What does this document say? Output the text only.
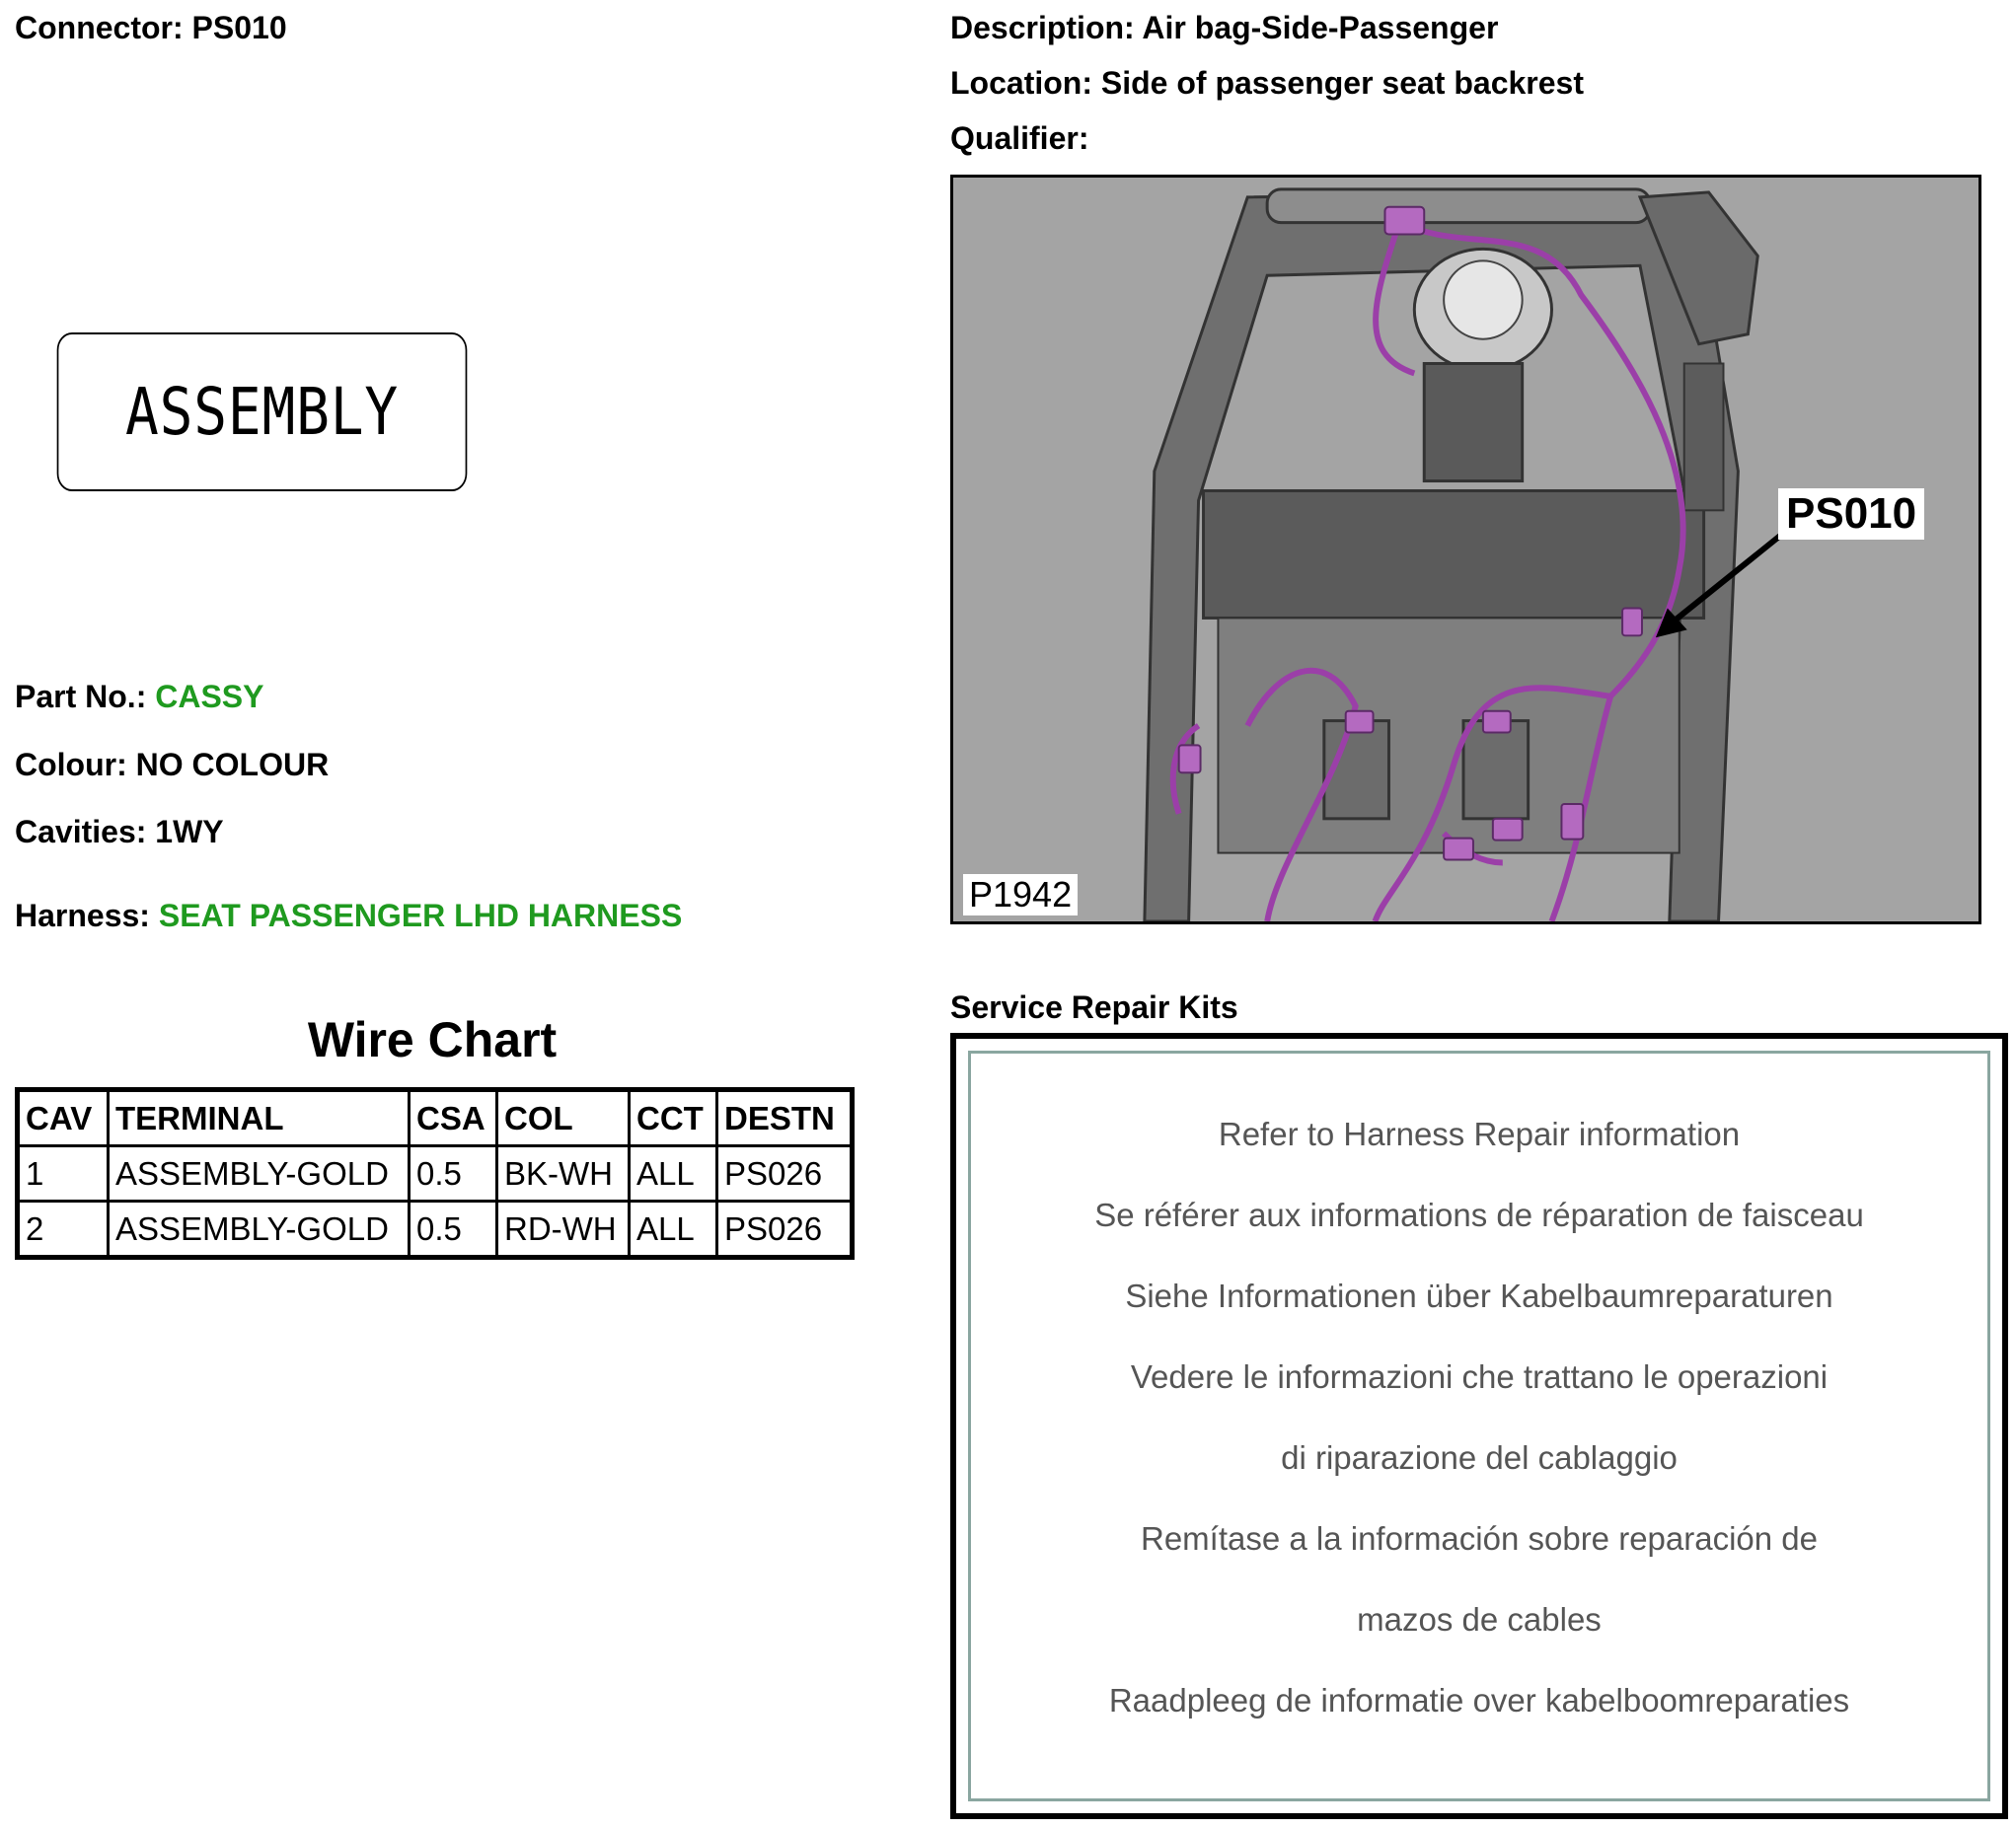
Connector: PS010	Description: Air bag-Side-Passenger
Location: Side of passenger seat backrest
Qualifier:
ASSEMBLY
Part No.: CASSY
Colour: NO COLOUR
Cavities: 1WY
Harness: SEAT PASSENGER LHD HARNESS
Wire Chart
CAV	TERMINAL	CSA	COL	CCT	DESTN
1	ASSEMBLY-GOLD	0.5	BK-WH	ALL	PS026
2	ASSEMBLY-GOLD	0.5	RD-WH	ALL	PS026
P1942
PS010
Service Repair Kits
Refer to Harness Repair information
Se référer aux informations de réparation de faisceau
Siehe Informationen über Kabelbaumreparaturen
Vedere le informazioni che trattano le operazioni
di riparazione del cablaggio
Remítase a la información sobre reparación de
mazos de cables
Raadpleeg de informatie over kabelboomreparaties
